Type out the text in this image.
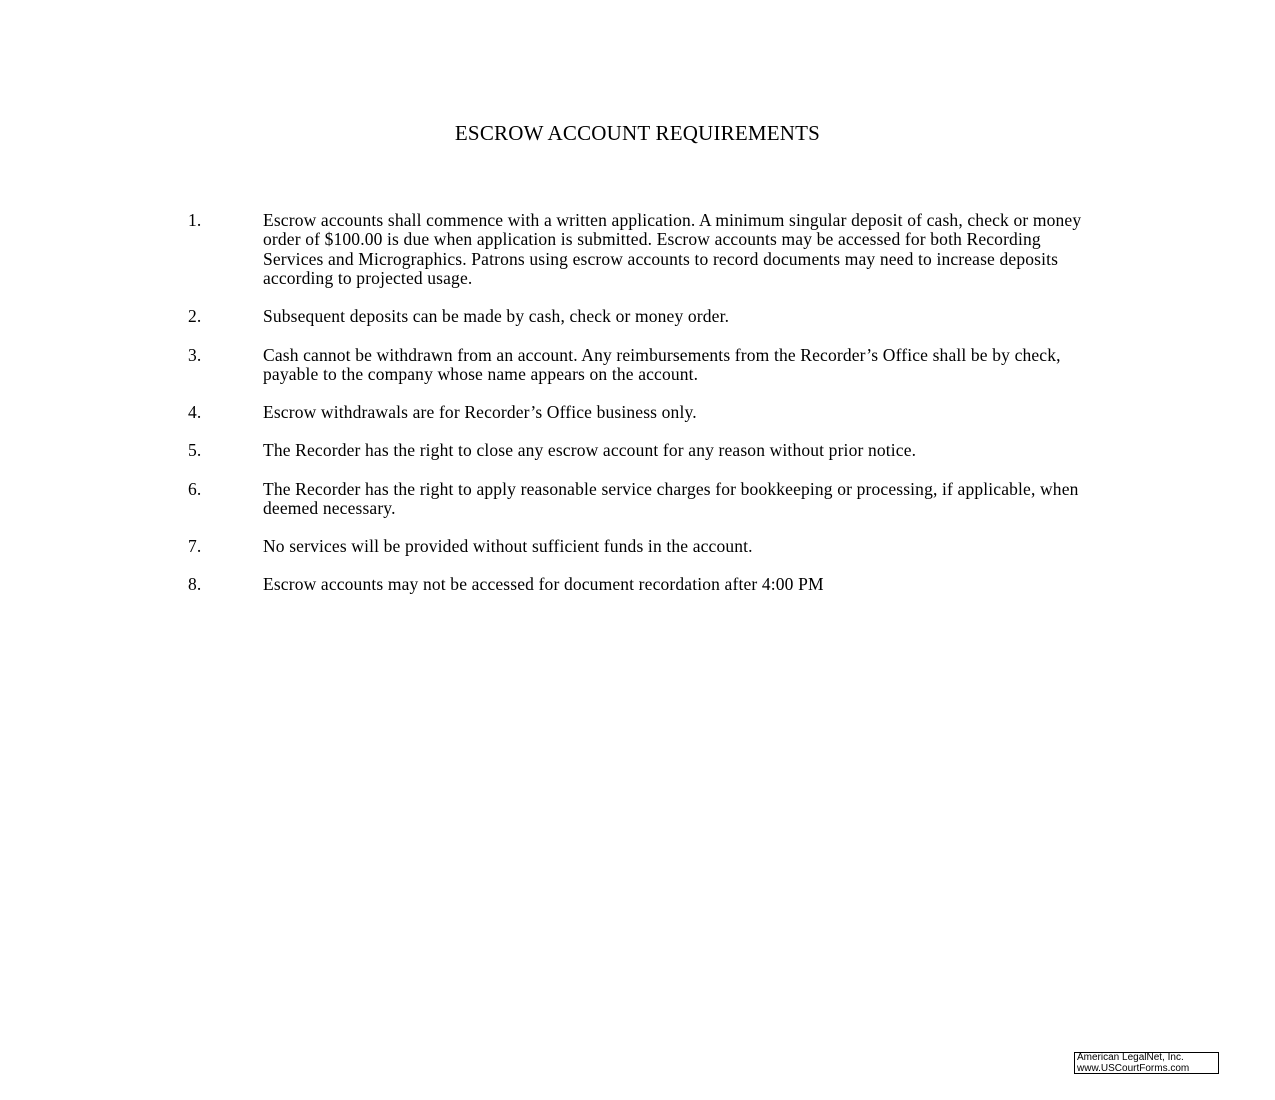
ESCROW ACCOUNT REQUIREMENTS
1.	Escrow accounts shall commence with a written application. A minimum singular deposit of cash, check or money order of $100.00 is due when application is submitted. Escrow accounts may be accessed for both Recording Services and Micrographics. Patrons using escrow accounts to record documents may need to increase deposits according to projected usage.
2.	Subsequent deposits can be made by cash, check or money order.
3.	Cash cannot be withdrawn from an account. Any reimbursements from the Recorder’s Office shall be by check, payable to the company whose name appears on the account.
4.	Escrow withdrawals are for Recorder’s Office business only.
5.	The Recorder has the right to close any escrow account for any reason without prior notice.
6.	The Recorder has the right to apply reasonable service charges for bookkeeping or processing, if applicable, when deemed necessary.
7.	No services will be provided without sufficient funds in the account.
8.	Escrow accounts may not be accessed for document recordation after 4:00 PM
American LegalNet, Inc.
www.USCourtForms.com
